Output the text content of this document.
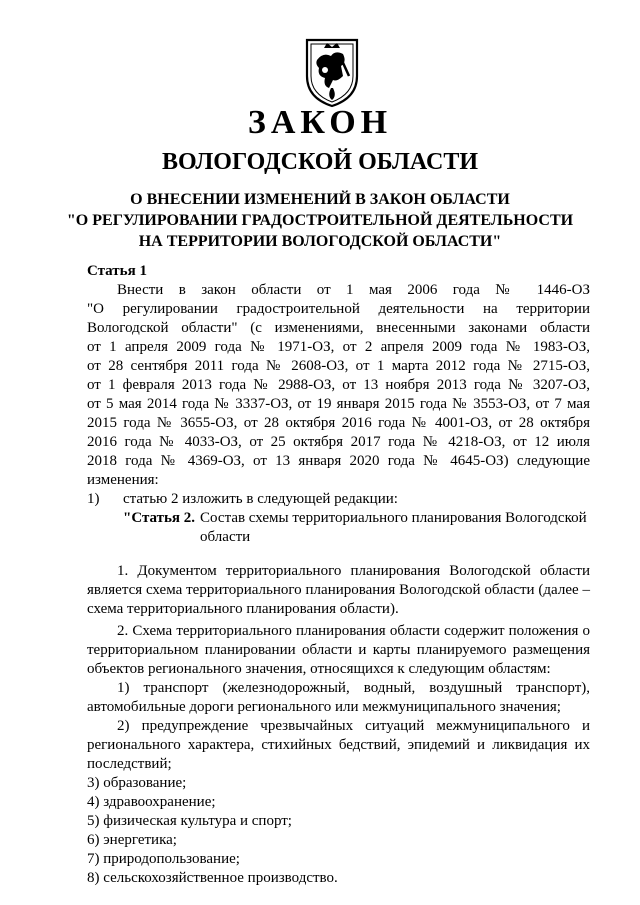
ЗАКОН
ВОЛОГОДСКОЙ ОБЛАСТИ
О ВНЕСЕНИИ ИЗМЕНЕНИЙ В ЗАКОН ОБЛАСТИ
"О РЕГУЛИРОВАНИИ ГРАДОСТРОИТЕЛЬНОЙ ДЕЯТЕЛЬНОСТИ
НА ТЕРРИТОРИИ ВОЛОГОДСКОЙ ОБЛАСТИ"

Статья 1

Внести в закон области от 1 мая 2006 года № 1446-ОЗ

"О регулировании градостроительной деятельности на территории

Вологодской области" (с изменениями, внесенными законами области

от 1 апреля 2009 года № 1971-ОЗ, от 2 апреля 2009 года № 1983-ОЗ,

от 28 сентября 2011 года № 2608-ОЗ, от 1 марта 2012 года № 2715-ОЗ,

от 1 февраля 2013 года № 2988-ОЗ, от 13 ноября 2013 года № 3207-ОЗ,

от 5 мая 2014 года № 3337-ОЗ, от 19 января 2015 года № 3553-ОЗ, от 7 мая

2015 года № 3655-ОЗ, от 28 октября 2016 года № 4001-ОЗ, от 28 октября

2016 года № 4033-ОЗ, от 25 октября 2017 года № 4218-ОЗ, от 12 июля

2018 года № 4369-ОЗ, от 13 января 2020 года № 4645-ОЗ) следующие

изменения:

1) статью 2 изложить в следующей редакции:

"Статья 2. Состав схемы территориального планирования Вологодской области

1. Документом территориального планирования Вологодской области является схема территориального планирования Вологодской области (далее – схема территориального планирования области).

2. Схема территориального планирования области содержит положения о территориальном планировании области и карты планируемого размещения объектов регионального значения, относящихся к следующим областям:

1) транспорт (железнодорожный, водный, воздушный транспорт), автомобильные дороги регионального или межмуниципального значения;

2) предупреждение чрезвычайных ситуаций межмуниципального и регионального характера, стихийных бедствий, эпидемий и ликвидация их последствий;

3) образование;

4) здравоохранение;

5) физическая культура и спорт;

6) энергетика;

7) природопользование;

8) сельскохозяйственное производство.
